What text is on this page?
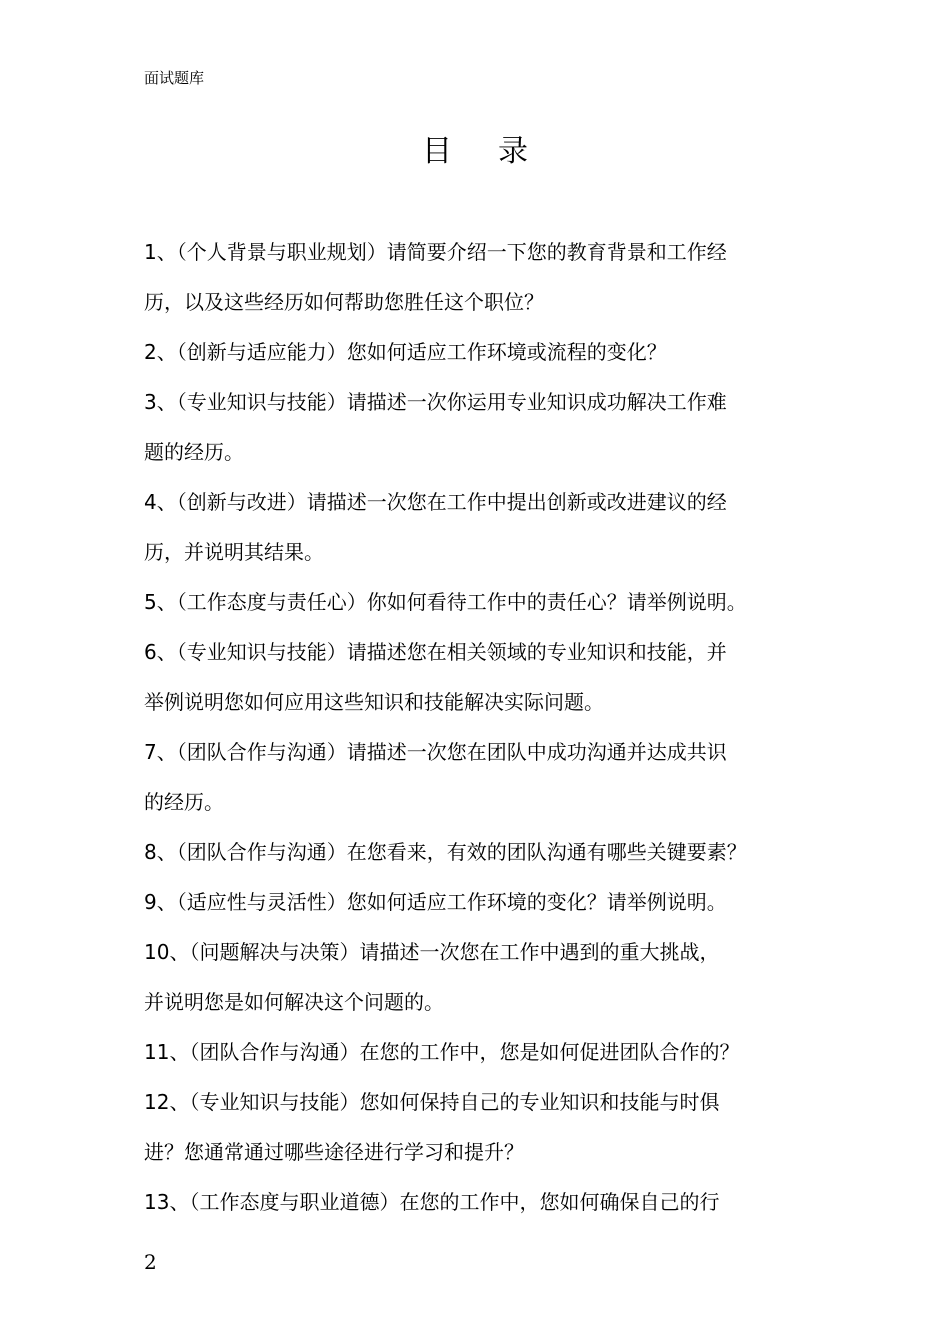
面试题库
目 录
1、（个人背景与职业规划）请简要介绍一下您的教育背景和工作经
历，以及这些经历如何帮助您胜任这个职位？
2、（创新与适应能力）您如何适应工作环境或流程的变化？
3、（专业知识与技能）请描述一次你运用专业知识成功解决工作难
题的经历。
4、（创新与改进）请描述一次您在工作中提出创新或改进建议的经
历，并说明其结果。
5、（工作态度与责任心）你如何看待工作中的责任心？请举例说明。
6、（专业知识与技能）请描述您在相关领域的专业知识和技能，并
举例说明您如何应用这些知识和技能解决实际问题。
7、（团队合作与沟通）请描述一次您在团队中成功沟通并达成共识
的经历。
8、（团队合作与沟通）在您看来，有效的团队沟通有哪些关键要素？
9、（适应性与灵活性）您如何适应工作环境的变化？请举例说明。
10、（问题解决与决策）请描述一次您在工作中遇到的重大挑战，
并说明您是如何解决这个问题的。
11、（团队合作与沟通）在您的工作中，您是如何促进团队合作的？
12、（专业知识与技能）您如何保持自己的专业知识和技能与时俱
进？您通常通过哪些途径进行学习和提升？
13、（工作态度与职业道德）在您的工作中，您如何确保自己的行
2
